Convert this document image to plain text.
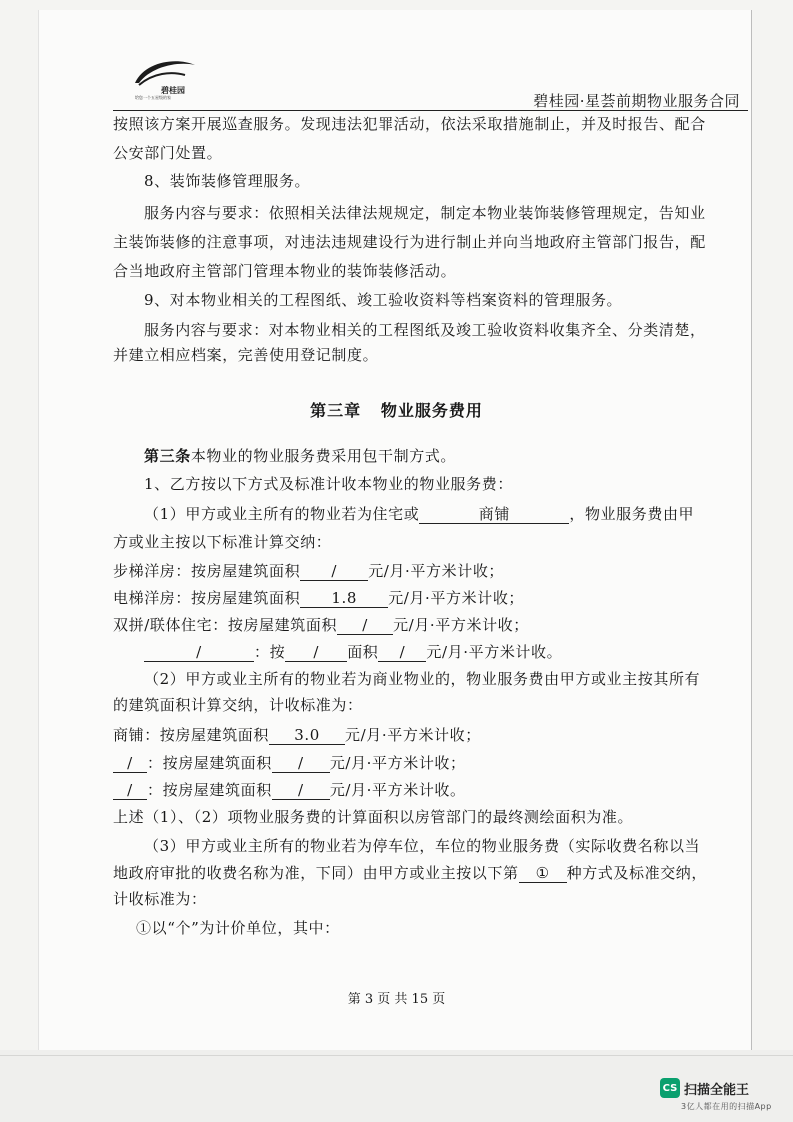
碧桂园
给您一个五星级的家	碧桂园·星荟前期物业服务合同
按照该方案开展巡查服务。发现违法犯罪活动，依法采取措施制止，并及时报告、配合
公安部门处置。
8、装饰装修管理服务。
服务内容与要求：依照相关法律法规规定，制定本物业装饰装修管理规定，告知业
主装饰装修的注意事项，对违法违规建设行为进行制止并向当地政府主管部门报告，配
合当地政府主管部门管理本物业的装饰装修活动。
9、对本物业相关的工程图纸、竣工验收资料等档案资料的管理服务。
服务内容与要求：对本物业相关的工程图纸及竣工验收资料收集齐全、分类清楚，
并建立相应档案，完善使用登记制度。
第三章 物业服务费用
第三条本物业的物业服务费采用包干制方式。
1、乙方按以下方式及标准计收本物业的物业服务费：
（1）甲方或业主所有的物业若为住宅或	商铺	，物业服务费由甲
方或业主按以下标准计算交纳：
步梯洋房：按房屋建筑面积 / 元/月·平方米计收；
电梯洋房：按房屋建筑面积 1.8 元/月·平方米计收；
双拼/联体住宅：按房屋建筑面积 / 元/月·平方米计收；
/	：按 / 面积 / 元/月·平方米计收。
（2）甲方或业主所有的物业若为商业物业的，物业服务费由甲方或业主按其所有
的建筑面积计算交纳，计收标准为：
商铺：按房屋建筑面积 3.0 元/月·平方米计收；
/ ：按房屋建筑面积 / 元/月·平方米计收；
/ ：按房屋建筑面积 / 元/月·平方米计收。
上述（1）、（2）项物业服务费的计算面积以房管部门的最终测绘面积为准。
（3）甲方或业主所有的物业若为停车位，车位的物业服务费（实际收费名称以当
地政府审批的收费名称为准，下同）由甲方或业主按以下第 ① 种方式及标准交纳，
计收标准为：
①以“个”为计价单位，其中：
第 3 页 共 15 页
CS 扫描全能王
3亿人都在用的扫描App
